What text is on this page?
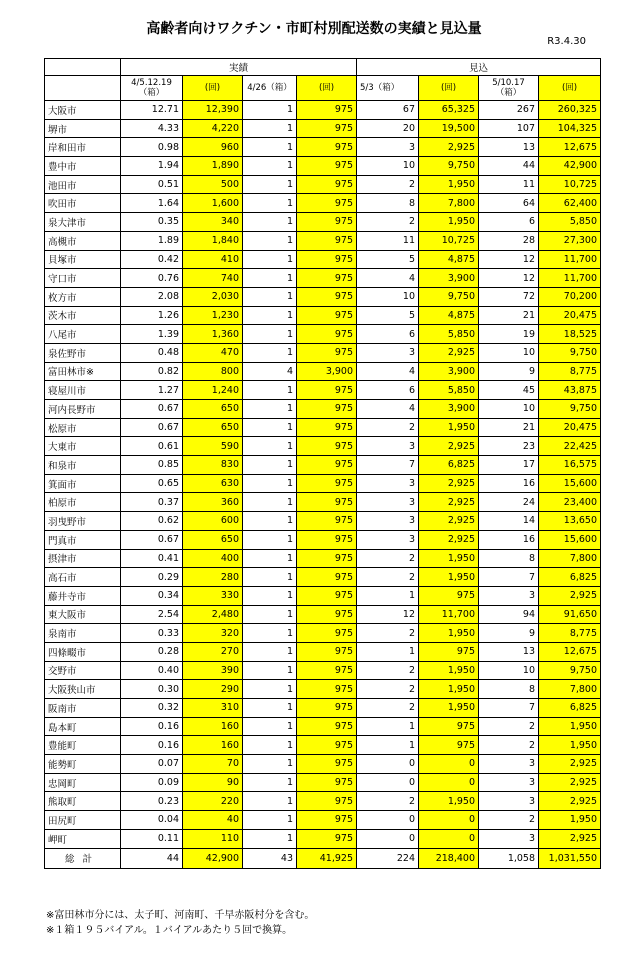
高齢者向けワクチン・市町村別配送数の実績と見込量
R3.4.30
	実績				見込			
	4/5.12.19（箱）	(回)	4/26（箱）	(回)	5/3（箱）	(回)	5/10.17（箱）	(回)
大阪市	12.71	12,390	1	975	67	65,325	267	260,325
堺市	4.33	4,220	1	975	20	19,500	107	104,325
岸和田市	0.98	960	1	975	3	2,925	13	12,675
豊中市	1.94	1,890	1	975	10	9,750	44	42,900
池田市	0.51	500	1	975	2	1,950	11	10,725
吹田市	1.64	1,600	1	975	8	7,800	64	62,400
泉大津市	0.35	340	1	975	2	1,950	6	5,850
高槻市	1.89	1,840	1	975	11	10,725	28	27,300
貝塚市	0.42	410	1	975	5	4,875	12	11,700
守口市	0.76	740	1	975	4	3,900	12	11,700
枚方市	2.08	2,030	1	975	10	9,750	72	70,200
茨木市	1.26	1,230	1	975	5	4,875	21	20,475
八尾市	1.39	1,360	1	975	6	5,850	19	18,525
泉佐野市	0.48	470	1	975	3	2,925	10	9,750
富田林市※	0.82	800	4	3,900	4	3,900	9	8,775
寝屋川市	1.27	1,240	1	975	6	5,850	45	43,875
河内長野市	0.67	650	1	975	4	3,900	10	9,750
松原市	0.67	650	1	975	2	1,950	21	20,475
大東市	0.61	590	1	975	3	2,925	23	22,425
和泉市	0.85	830	1	975	7	6,825	17	16,575
箕面市	0.65	630	1	975	3	2,925	16	15,600
柏原市	0.37	360	1	975	3	2,925	24	23,400
羽曳野市	0.62	600	1	975	3	2,925	14	13,650
門真市	0.67	650	1	975	3	2,925	16	15,600
摂津市	0.41	400	1	975	2	1,950	8	7,800
高石市	0.29	280	1	975	2	1,950	7	6,825
藤井寺市	0.34	330	1	975	1	975	3	2,925
東大阪市	2.54	2,480	1	975	12	11,700	94	91,650
泉南市	0.33	320	1	975	2	1,950	9	8,775
四條畷市	0.28	270	1	975	1	975	13	12,675
交野市	0.40	390	1	975	2	1,950	10	9,750
大阪狭山市	0.30	290	1	975	2	1,950	8	7,800
阪南市	0.32	310	1	975	2	1,950	7	6,825
島本町	0.16	160	1	975	1	975	2	1,950
豊能町	0.16	160	1	975	1	975	2	1,950
能勢町	0.07	70	1	975	0	0	3	2,925
忠岡町	0.09	90	1	975	0	0	3	2,925
熊取町	0.23	220	1	975	2	1,950	3	2,925
田尻町	0.04	40	1	975	0	0	2	1,950
岬町	0.11	110	1	975	0	0	3	2,925
総計	44	42,900	43	41,925	224	218,400	1,058	1,031,550
※富田林市分には、太子町、河南町、千早赤阪村分を含む。
※１箱１９５バイアル。１バイアルあたり５回で換算。
